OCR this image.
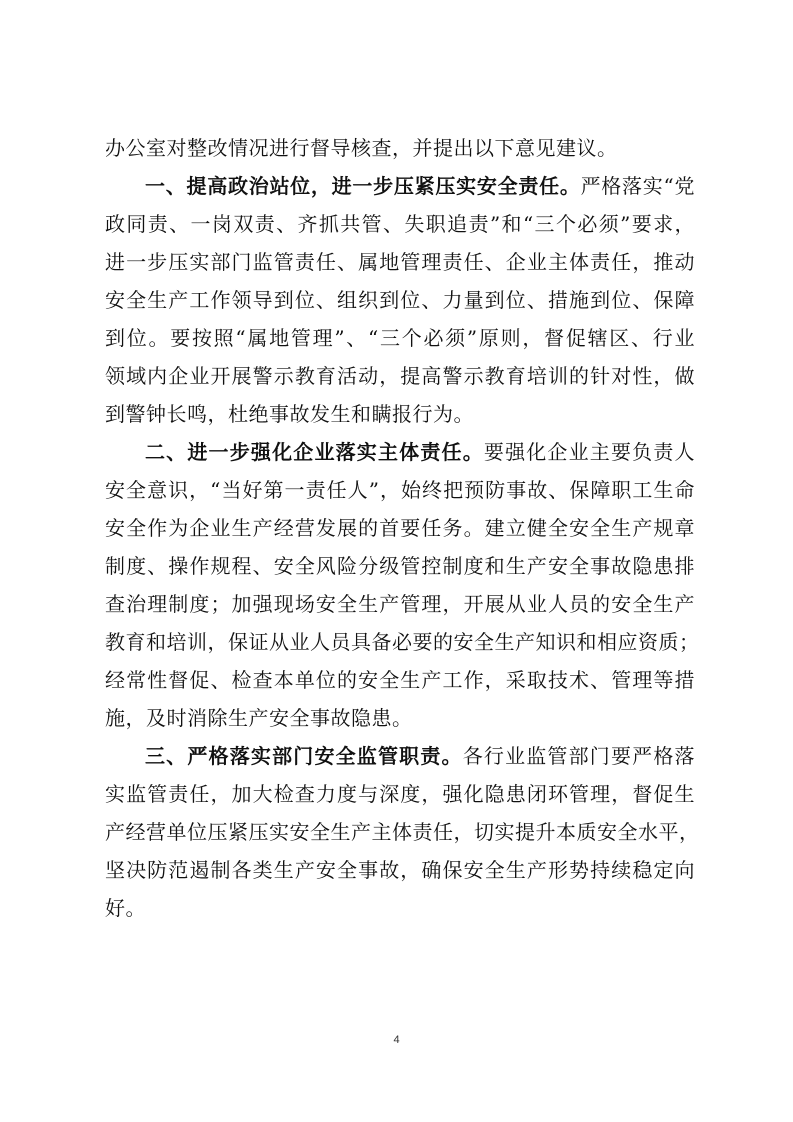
办公室对整改情况进行督导核查，并提出以下意见建议。
一、提高政治站位，进一步压紧压实安全责任。严格落实“党
政同责、一岗双责、齐抓共管、失职追责”和“三个必须”要求，
进一步压实部门监管责任、属地管理责任、企业主体责任，推动
安全生产工作领导到位、组织到位、力量到位、措施到位、保障
到位。要按照“属地管理”、“三个必须”原则，督促辖区、行业
领域内企业开展警示教育活动，提高警示教育培训的针对性，做
到警钟长鸣，杜绝事故发生和瞒报行为。
二、进一步强化企业落实主体责任。要强化企业主要负责人
安全意识，“当好第一责任人”，始终把预防事故、保障职工生命
安全作为企业生产经营发展的首要任务。建立健全安全生产规章
制度、操作规程、安全风险分级管控制度和生产安全事故隐患排
查治理制度；加强现场安全生产管理，开展从业人员的安全生产
教育和培训，保证从业人员具备必要的安全生产知识和相应资质；
经常性督促、检查本单位的安全生产工作，采取技术、管理等措
施，及时消除生产安全事故隐患。
三、严格落实部门安全监管职责。各行业监管部门要严格落
实监管责任，加大检查力度与深度，强化隐患闭环管理，督促生
产经营单位压紧压实安全生产主体责任，切实提升本质安全水平，
坚决防范遏制各类生产安全事故，确保安全生产形势持续稳定向
好。
4
